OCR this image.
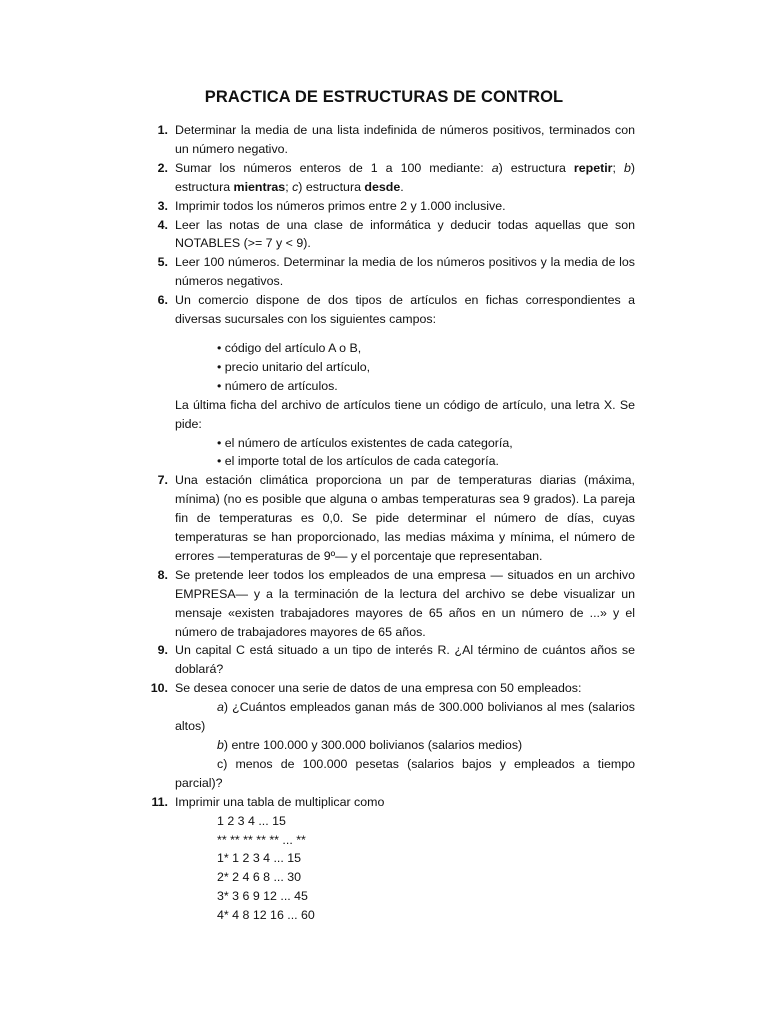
PRACTICA DE ESTRUCTURAS DE CONTROL
1. Determinar la media de una lista indefinida de números positivos, terminados con un número negativo.
2. Sumar los números enteros de 1 a 100 mediante: a) estructura repetir; b) estructura mientras; c) estructura desde.
3. Imprimir todos los números primos entre 2 y 1.000 inclusive.
4. Leer las notas de una clase de informática y deducir todas aquellas que son NOTABLES (>= 7 y < 9).
5. Leer 100 números. Determinar la media de los números positivos y la media de los números negativos.
6. Un comercio dispone de dos tipos de artículos en fichas correspondientes a diversas sucursales con los siguientes campos:
• código del artículo A o B,
• precio unitario del artículo,
• número de artículos.
La última ficha del archivo de artículos tiene un código de artículo, una letra X. Se pide:
• el número de artículos existentes de cada categoría,
• el importe total de los artículos de cada categoría.
7. Una estación climática proporciona un par de temperaturas diarias (máxima, mínima) (no es posible que alguna o ambas temperaturas sea 9 grados). La pareja fin de temperaturas es 0,0. Se pide determinar el número de días, cuyas temperaturas se han proporcionado, las medias máxima y mínima, el número de errores —temperaturas de 9º— y el porcentaje que representaban.
8. Se pretende leer todos los empleados de una empresa — situados en un archivo EMPRESA— y a la terminación de la lectura del archivo se debe visualizar un mensaje «existen trabajadores mayores de 65 años en un número de ...» y el número de trabajadores mayores de 65 años.
9. Un capital C está situado a un tipo de interés R. ¿Al término de cuántos años se doblará?
10. Se desea conocer una serie de datos de una empresa con 50 empleados:
a) ¿Cuántos empleados ganan más de 300.000 bolivianos al mes (salarios altos)
b) entre 100.000 y 300.000 bolivianos (salarios medios)
c) menos de 100.000 pesetas (salarios bajos y empleados a tiempo parcial)?
11. Imprimir una tabla de multiplicar como
1 2 3 4 ... 15
** ** ** ** ** ... **
1* 1 2 3 4 ... 15
2* 2 4 6 8 ... 30
3* 3 6 9 12 ... 45
4* 4 8 12 16 ... 60
